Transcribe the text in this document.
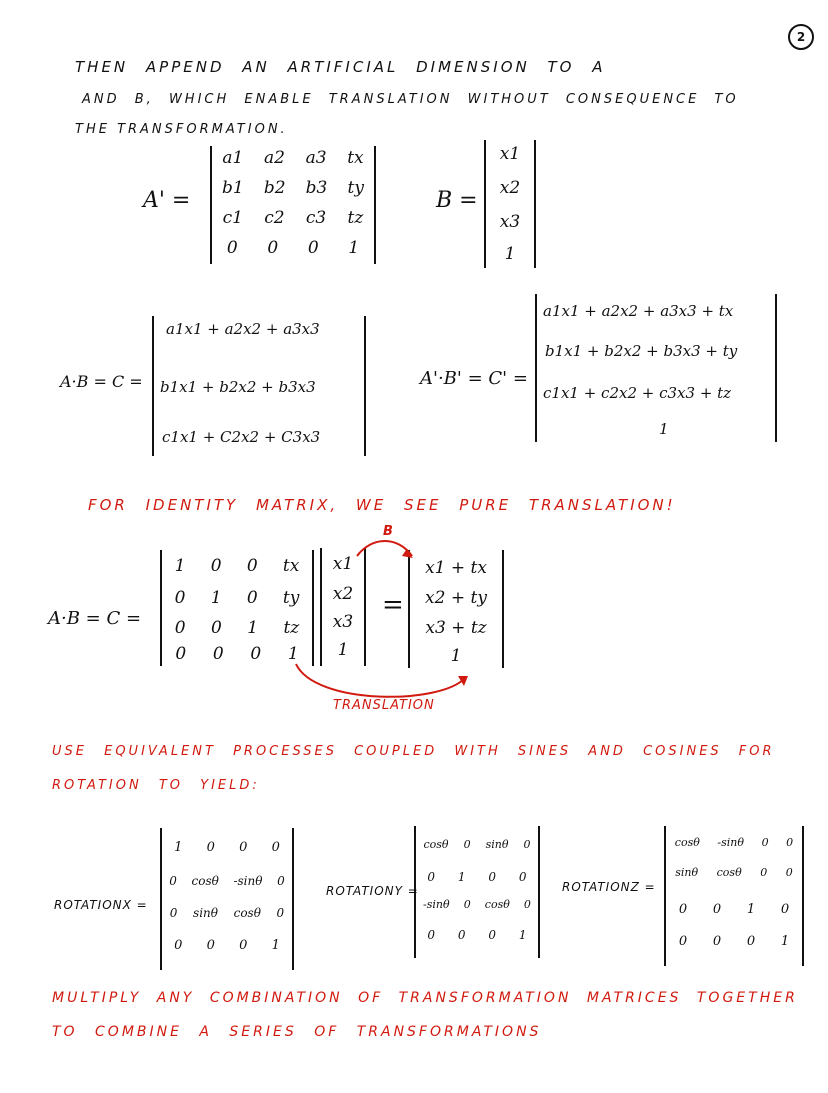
2
THEN APPEND AN ARTIFICIAL DIMENSION TO A
AND B, WHICH ENABLE TRANSLATION WITHOUT CONSEQUENCE TO
THE TRANSFORMATION.
A' =
a1 a2 a3 tx
b1 b2 b3 ty
c1 c2 c3 tz
0 0 0 1
B =
x1
x2
x3
1
A·B = C =
a1x1 + a2x2 + a3x3
b1x1 + b2x2 + b3x3
c1x1 + C2x2 + C3x3
A'·B' = C' =
a1x1 + a2x2 + a3x3 + tx
b1x1 + b2x2 + b3x3 + ty
c1x1 + c2x2 + c3x3 + tz
1
FOR IDENTITY MATRIX, WE SEE PURE TRANSLATION!
A·B = C =
1 0 0 tx
0 1 0 ty
0 0 1 tz
0 0 0 1
x1
x2
x3
1
=
x1 + tx
x2 + ty
x3 + tz
1
B
TRANSLATION
USE EQUIVALENT PROCESSES COUPLED WITH SINES AND COSINES FOR
ROTATION TO YIELD:
ROTATIONX =
1 0 0 0
0 cosθ -sinθ 0
0 sinθ cosθ 0
0 0 0 1
ROTATIONY =
cosθ 0 sinθ 0
0 1 0 0
-sinθ 0 cosθ 0
0 0 0 1
ROTATIONZ =
cosθ -sinθ 0 0
sinθ cosθ 0 0
0 0 1 0
0 0 0 1
MULTIPLY ANY COMBINATION OF TRANSFORMATION MATRICES TOGETHER
TO COMBINE A SERIES OF TRANSFORMATIONS
